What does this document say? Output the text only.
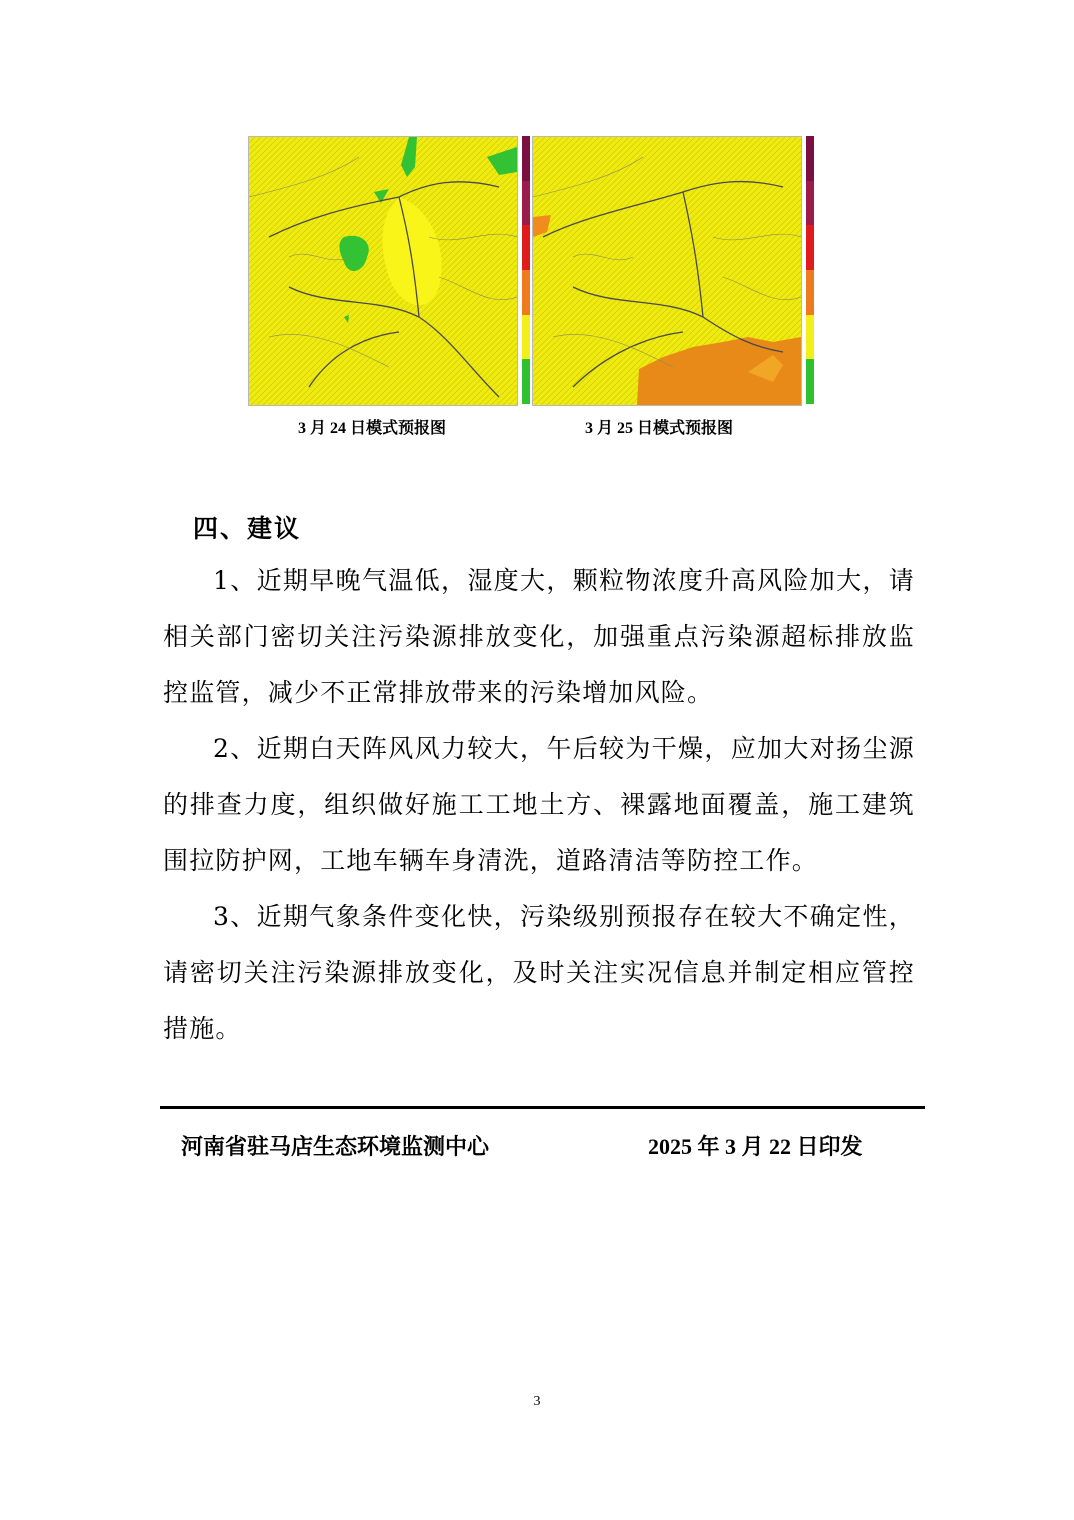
3 月 24 日模式预报图	3 月 25 日模式预报图
四、建议

1、近期早晚气温低，湿度大，颗粒物浓度升高风险加大，请相关部门密切关注污染源排放变化，加强重点污染源超标排放监控监管，减少不正常排放带来的污染增加风险。

2、近期白天阵风风力较大，午后较为干燥，应加大对扬尘源的排查力度，组织做好施工工地土方、裸露地面覆盖，施工建筑围拉防护网，工地车辆车身清洗，道路清洁等防控工作。

3、近期气象条件变化快，污染级别预报存在较大不确定性，请密切关注污染源排放变化，及时关注实况信息并制定相应管控措施。

河南省驻马店生态环境监测中心	2025 年 3 月 22 日印发
3
